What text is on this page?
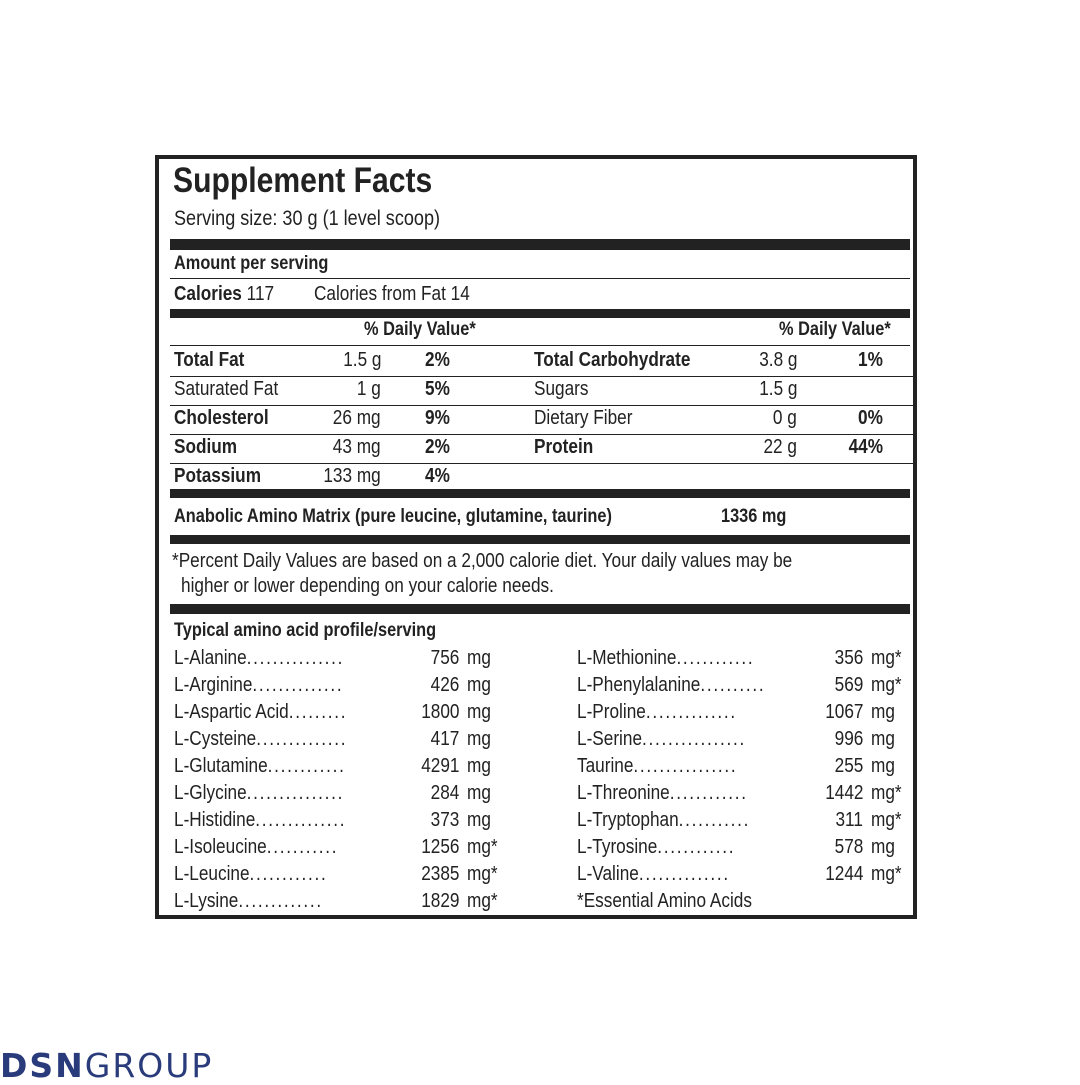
Supplement Facts
Serving size: 30 g (1 level scoop)
Amount per serving
Calories 117	Calories from Fat 14
% Daily Value*	% Daily Value*
Total Fat	1.5 g 2%
Saturated Fat	1 g 5%
Cholesterol	26 mg 9%
Sodium	43 mg 2%
Potassium	133 mg 4%
Total Carbohydrate	3.8 g	1%
Sugars	1.5 g
Dietary Fiber	0 g	0%
Protein	22 g	44%
Anabolic Amino Matrix (pure leucine, glutamine, taurine)	1336 mg
*Percent Daily Values are based on a 2,000 calorie diet. Your daily values may be
higher or lower depending on your calorie needs.
Typical amino acid profile/serving
L-Alanine...............	756 mg
L-Arginine..............	426 mg
L-Aspartic Acid.........	1800 mg
L-Cysteine..............	417 mg
L-Glutamine............	4291 mg
L-Glycine...............	284 mg
L-Histidine..............	373 mg
L-Isoleucine...........	1256 mg*
L-Leucine............	2385 mg*
L-Lysine.............	1829 mg*
L-Methionine............	356 mg*
L-Phenylalanine..........	569 mg*
L-Proline..............	1067 mg
L-Serine................	996 mg
Taurine................	255 mg
L-Threonine............	1442 mg*
L-Tryptophan...........	311 mg*
L-Tyrosine............	578 mg
L-Valine..............	1244 mg*
*Essential Amino Acids
DSNGROUP
